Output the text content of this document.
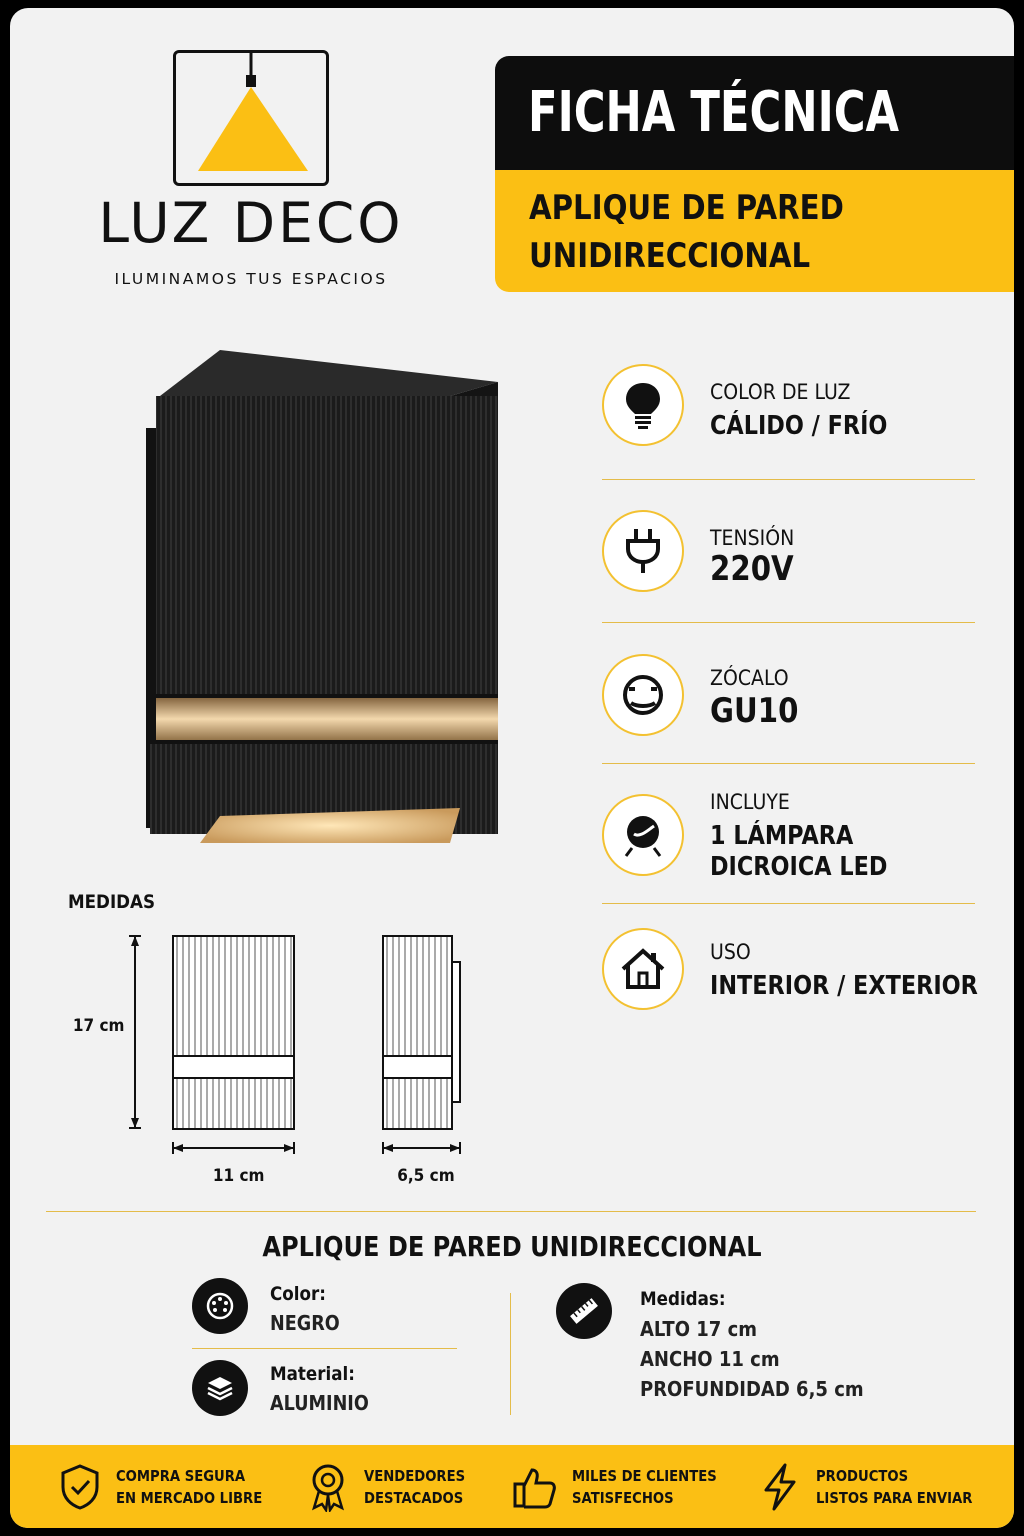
LUZ DECO
ILUMINAMOS TUS ESPACIOS
FICHA TÉCNICA
APLIQUE DE PARED
UNIDIRECCIONAL
COLOR DE LUZ
CÁLIDO / FRÍO
TENSIÓN
220V
ZÓCALO
GU10
INCLUYE
1 LÁMPARA
DICROICA LED
USO
INTERIOR / EXTERIOR
MEDIDAS
17 cm
11 cm	6,5 cm
APLIQUE DE PARED UNIDIRECCIONAL
Color:
NEGRO
Material:
ALUMINIO
Medidas:
ALTO 17 cm
ANCHO 11 cm
PROFUNDIDAD 6,5 cm
COMPRA SEGURA
EN MERCADO LIBRE
VENDEDORES
DESTACADOS
MILES DE CLIENTES
SATISFECHOS
PRODUCTOS
LISTOS PARA ENVIAR
